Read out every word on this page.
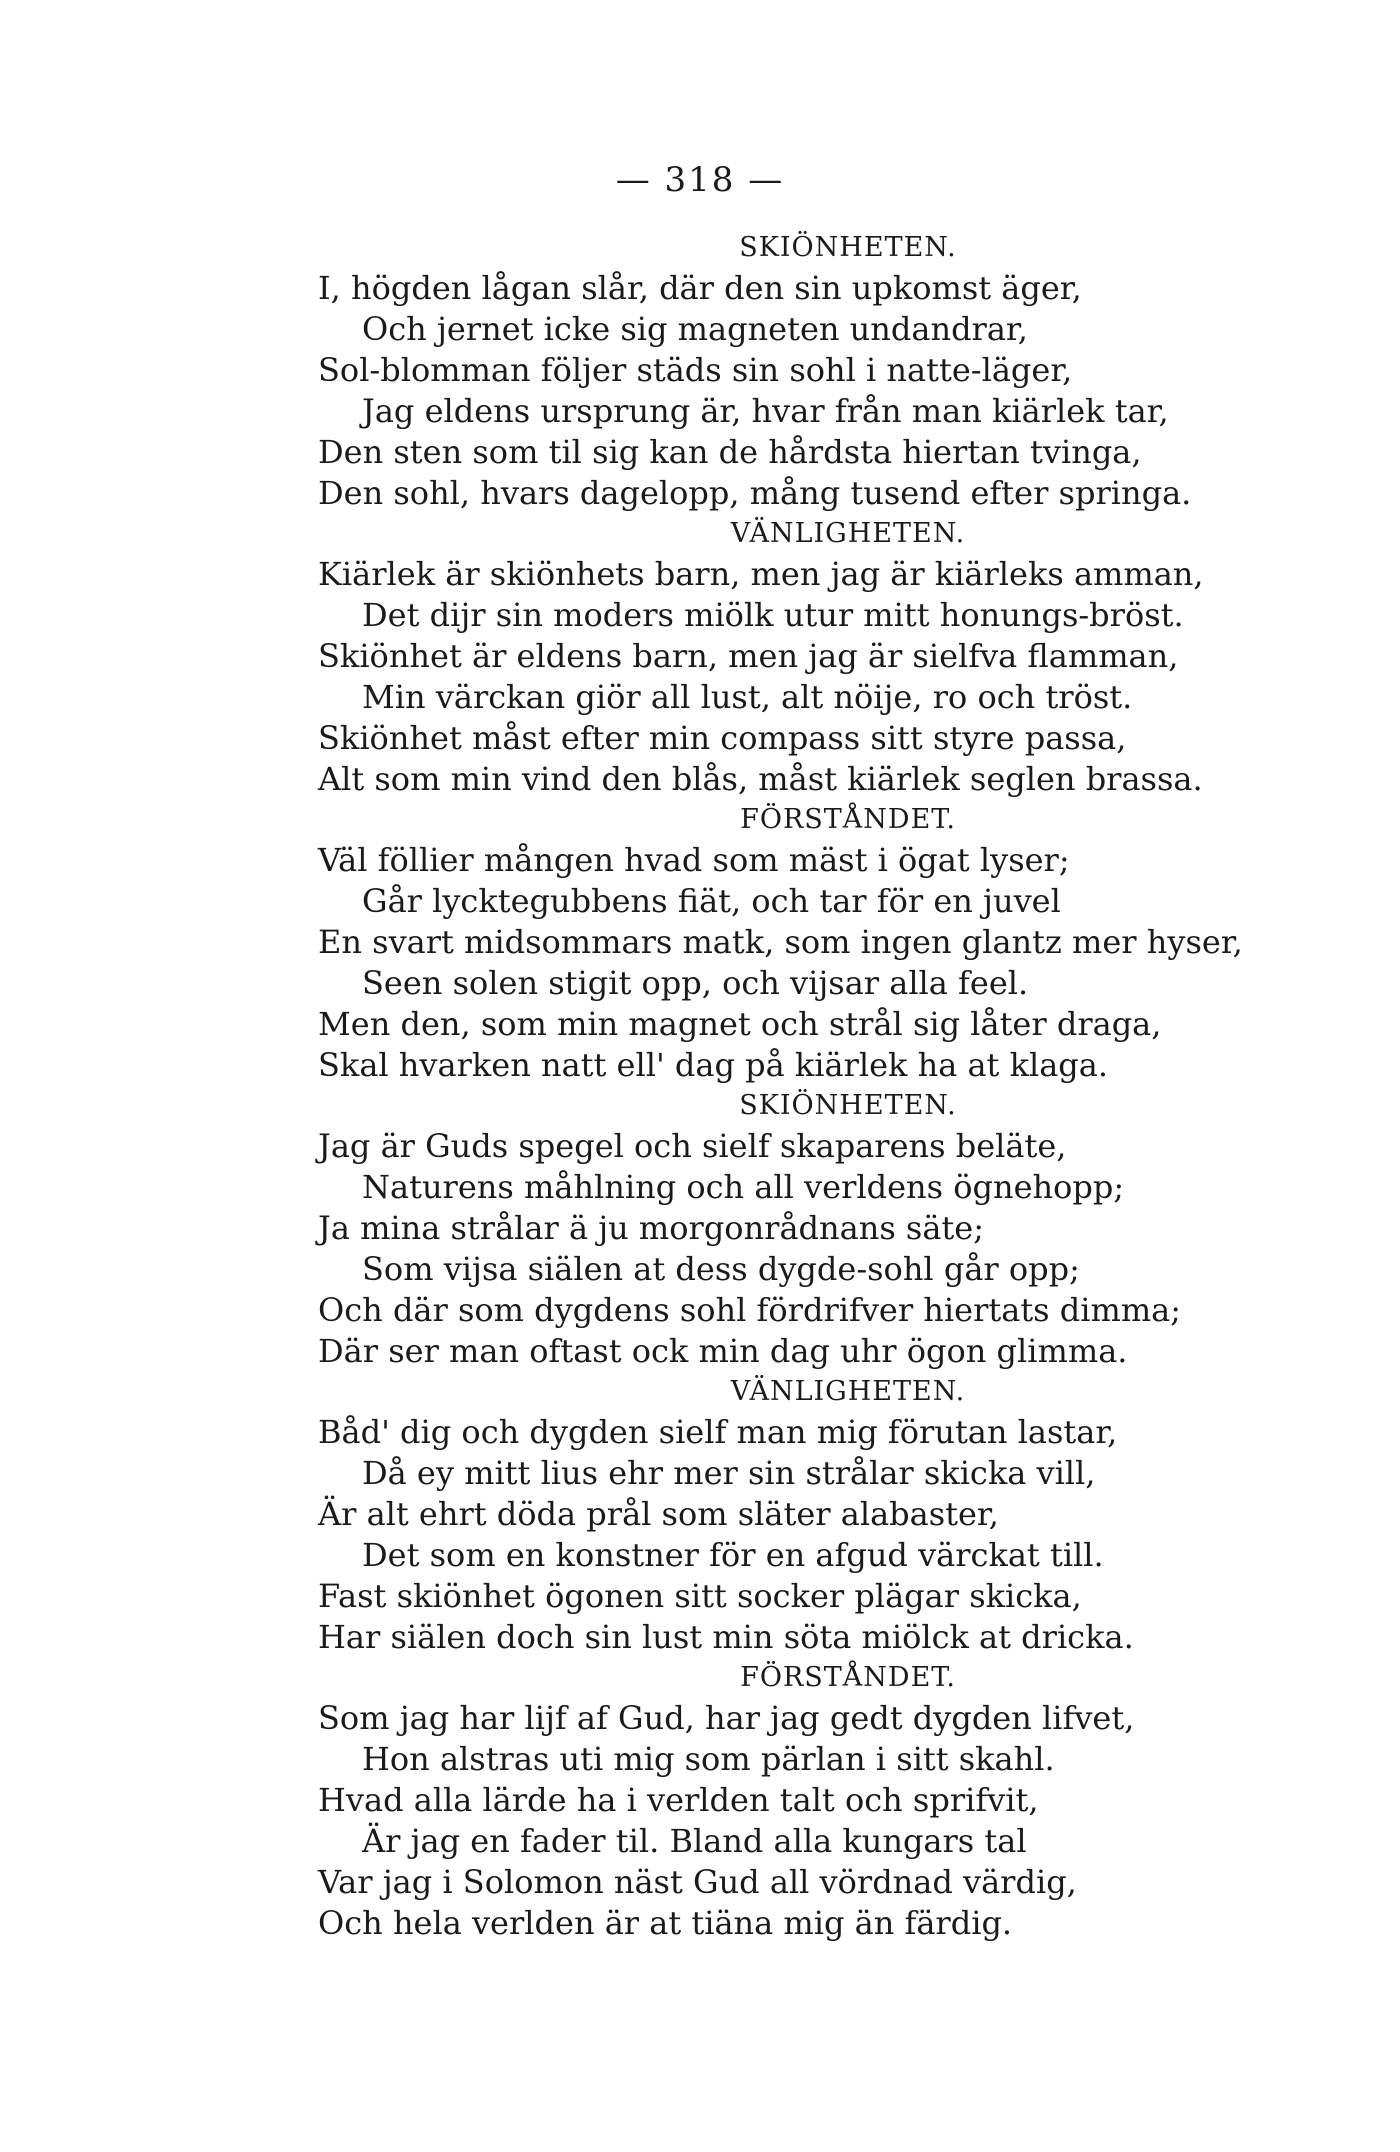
— 318 —
SKIÖNHETEN.
I, högden lågan slår, där den sin upkomst äger,
Och jernet icke sig magneten undandrar,
Sol-blomman följer städs sin sohl i natte-läger,
Jag eldens ursprung är, hvar från man kiärlek tar,
Den sten som til sig kan de hårdsta hiertan tvinga,
Den sohl, hvars dagelopp, mång tusend efter springa.
VÄNLIGHETEN.
Kiärlek är skiönhets barn, men jag är kiärleks amman,
Det dijr sin moders miölk utur mitt honungs-bröst.
Skiönhet är eldens barn, men jag är sielfva flamman,
Min värckan giör all lust, alt nöije, ro och tröst.
Skiönhet måst efter min compass sitt styre passa,
Alt som min vind den blås, måst kiärlek seglen brassa.
FÖRSTÅNDET.
Väl föllier mången hvad som mäst i ögat lyser;
Går lycktegubbens fiät, och tar för en juvel
En svart midsommars matk, som ingen glantz mer hyser,
Seen solen stigit opp, och vijsar alla feel.
Men den, som min magnet och strål sig låter draga,
Skal hvarken natt ell' dag på kiärlek ha at klaga.
SKIÖNHETEN.
Jag är Guds spegel och sielf skaparens beläte,
Naturens måhlning och all verldens ögnehopp;
Ja mina strålar ä ju morgonrådnans säte;
Som vijsa siälen at dess dygde-sohl går opp;
Och där som dygdens sohl fördrifver hiertats dimma;
Där ser man oftast ock min dag uhr ögon glimma.
VÄNLIGHETEN.
Båd' dig och dygden sielf man mig förutan lastar,
Då ey mitt lius ehr mer sin strålar skicka vill,
Är alt ehrt döda prål som släter alabaster,
Det som en konstner för en afgud värckat till.
Fast skiönhet ögonen sitt socker plägar skicka,
Har siälen doch sin lust min söta miölck at dricka.
FÖRSTÅNDET.
Som jag har lijf af Gud, har jag gedt dygden lifvet,
Hon alstras uti mig som pärlan i sitt skahl.
Hvad alla lärde ha i verlden talt och sprifvit,
Är jag en fader til. Bland alla kungars tal
Var jag i Solomon näst Gud all vördnad värdig,
Och hela verlden är at tiäna mig än färdig.
